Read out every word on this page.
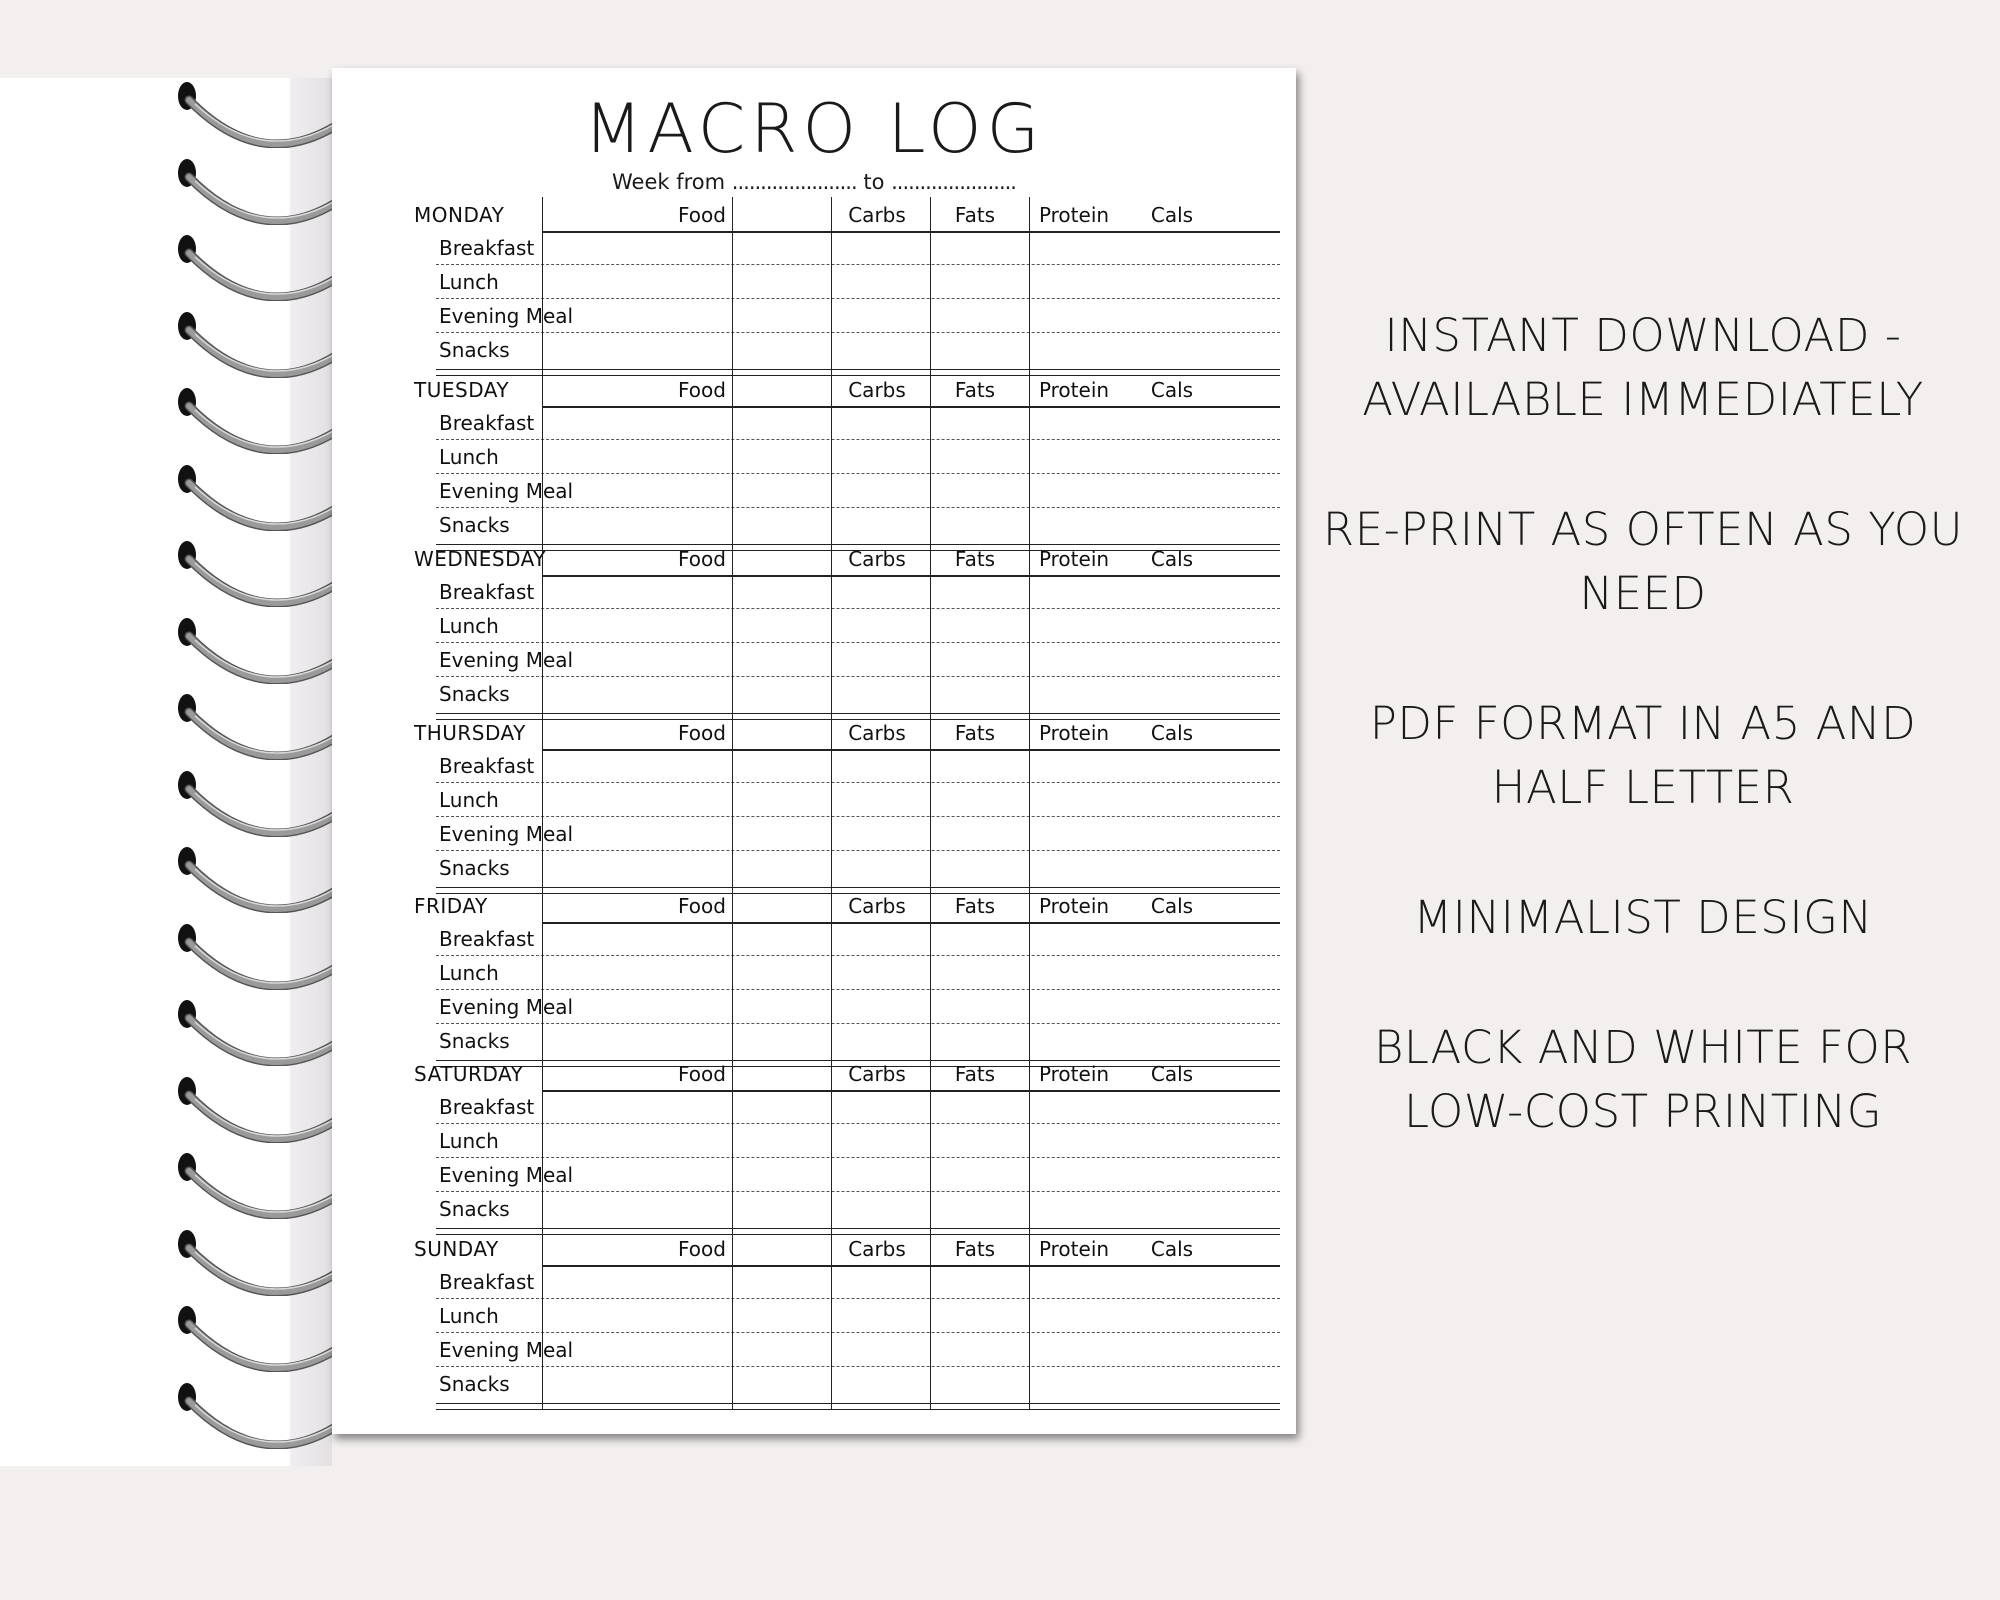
MACRO LOG
Week from ...................... to ......................
MONDAY	Food	Carbs	Fats	Protein	Cals
Breakfast
Lunch
Evening Meal
Snacks
TUESDAY	Food	Carbs	Fats	Protein	Cals
Breakfast
Lunch
Evening Meal
Snacks
WEDNESDAY	Food	Carbs	Fats	Protein	Cals
Breakfast
Lunch
Evening Meal
Snacks
THURSDAY	Food	Carbs	Fats	Protein	Cals
Breakfast
Lunch
Evening Meal
Snacks
FRIDAY	Food	Carbs	Fats	Protein	Cals
Breakfast
Lunch
Evening Meal
Snacks
SATURDAY	Food	Carbs	Fats	Protein	Cals
Breakfast
Lunch
Evening Meal
Snacks
SUNDAY	Food	Carbs	Fats	Protein	Cals
Breakfast
Lunch
Evening Meal
Snacks

INSTANT DOWNLOAD - AVAILABLE IMMEDIATELY

RE-PRINT AS OFTEN AS YOU NEED

PDF FORMAT IN A5 AND HALF LETTER

MINIMALIST DESIGN

BLACK AND WHITE FOR LOW-COST PRINTING
